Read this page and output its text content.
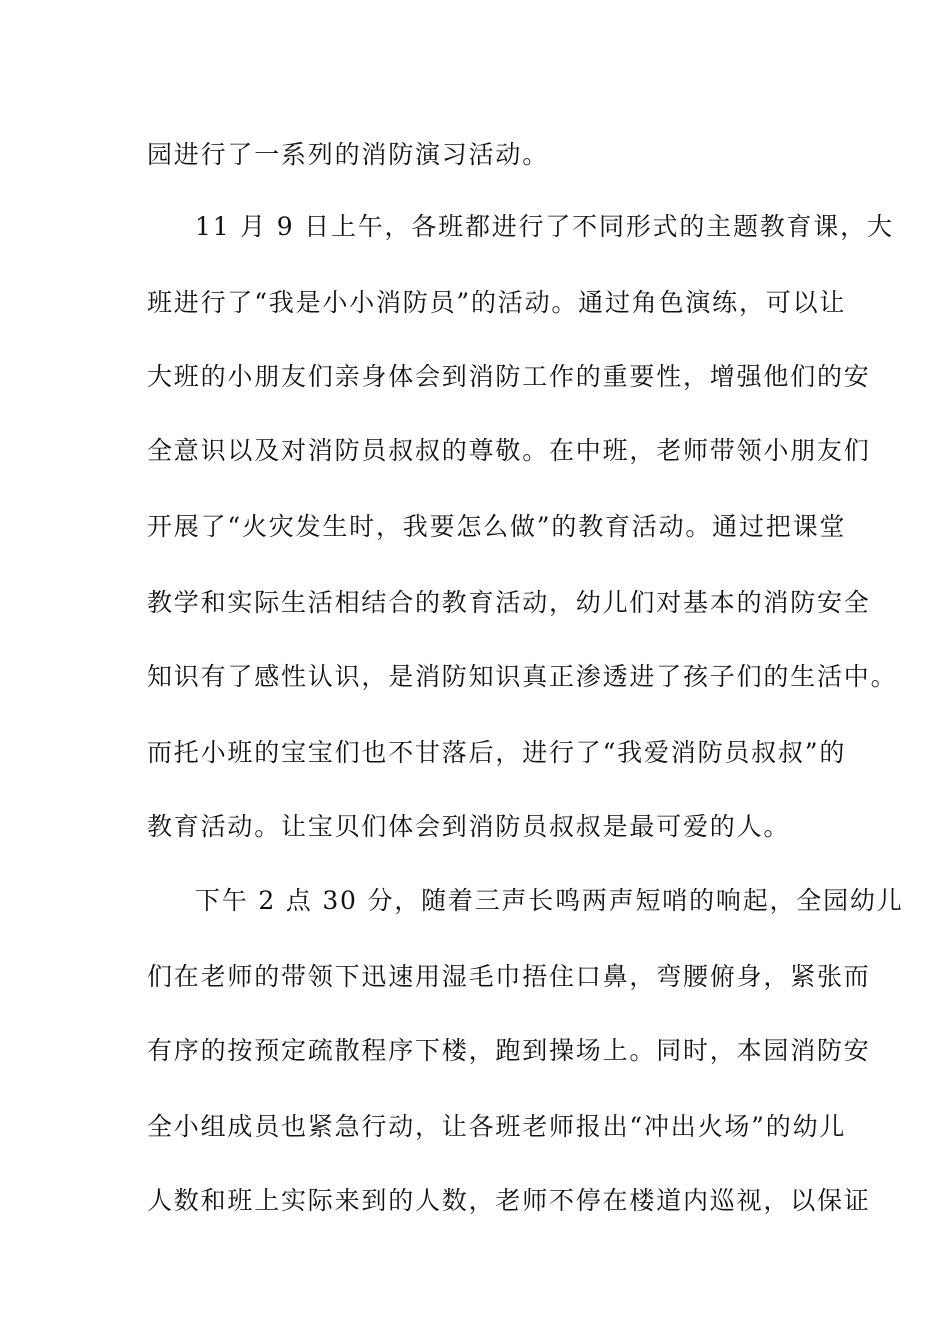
园进行了一系列的消防演习活动。
11 月 9 日上午，各班都进行了不同形式的主题教育课，大
班进行了“我是小小消防员”的活动。通过角色演练，可以让
大班的小朋友们亲身体会到消防工作的重要性，增强他们的安
全意识以及对消防员叔叔的尊敬。在中班，老师带领小朋友们
开展了“火灾发生时，我要怎么做”的教育活动。通过把课堂
教学和实际生活相结合的教育活动，幼儿们对基本的消防安全
知识有了感性认识，是消防知识真正渗透进了孩子们的生活中。
而托小班的宝宝们也不甘落后，进行了“我爱消防员叔叔”的
教育活动。让宝贝们体会到消防员叔叔是最可爱的人。
下午 2 点 30 分，随着三声长鸣两声短哨的响起，全园幼儿
们在老师的带领下迅速用湿毛巾捂住口鼻，弯腰俯身，紧张而
有序的按预定疏散程序下楼，跑到操场上。同时，本园消防安
全小组成员也紧急行动，让各班老师报出“冲出火场”的幼儿
人数和班上实际来到的人数，老师不停在楼道内巡视，以保证
